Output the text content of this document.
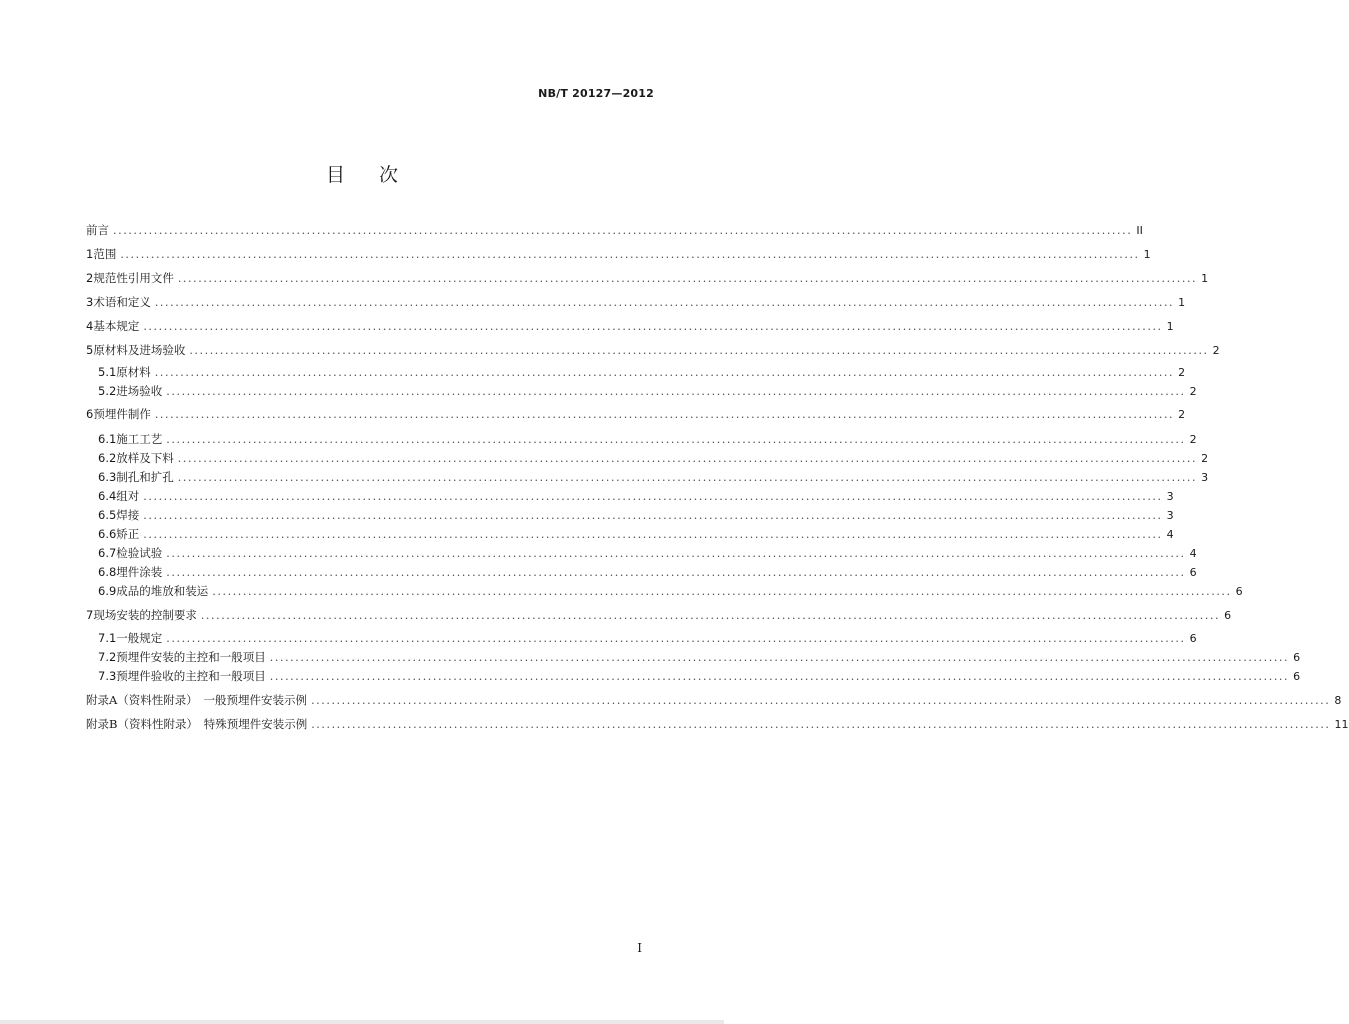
NB/T 20127—2012
目次
前言 ........................................................................................................................................................................................................ II
1 范围 ........................................................................................................................................................................................................ 1
2 规范性引用文件 ........................................................................................................................................................................................................ 1
3 术语和定义 ........................................................................................................................................................................................................ 1
4 基本规定 ........................................................................................................................................................................................................ 1
5 原材料及进场验收 ........................................................................................................................................................................................................ 2
5.1 原材料 ........................................................................................................................................................................................................ 2
5.2 进场验收 ........................................................................................................................................................................................................ 2
6 预埋件制作 ........................................................................................................................................................................................................ 2
6.1 施工工艺 ........................................................................................................................................................................................................ 2
6.2 放样及下料 ........................................................................................................................................................................................................ 2
6.3 制孔和扩孔 ........................................................................................................................................................................................................ 3
6.4 组对 ........................................................................................................................................................................................................ 3
6.5 焊接 ........................................................................................................................................................................................................ 3
6.6 矫正 ........................................................................................................................................................................................................ 4
6.7 检验试验 ........................................................................................................................................................................................................ 4
6.8 埋件涂装 ........................................................................................................................................................................................................ 6
6.9 成品的堆放和装运 ........................................................................................................................................................................................................ 6
7 现场安装的控制要求 ........................................................................................................................................................................................................ 6
7.1 一般规定 ........................................................................................................................................................................................................ 6
7.2 预埋件安装的主控和一般项目 ........................................................................................................................................................................................................ 6
7.3 预埋件验收的主控和一般项目 ........................................................................................................................................................................................................ 6
附录A（资料性附录）　一般预埋件安装示例 ........................................................................................................................................................................................................ 8
附录B（资料性附录）　特殊预埋件安装示例 ........................................................................................................................................................................................................ 11
I
